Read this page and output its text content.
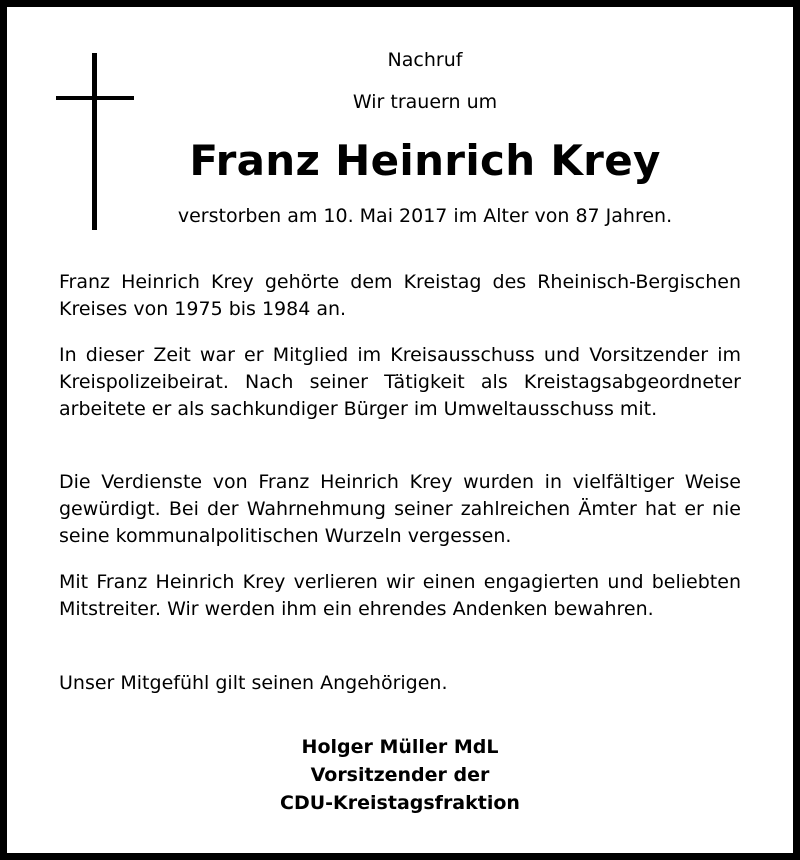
Nachruf
Wir trauern um
Franz Heinrich Krey
verstorben am 10. Mai 2017 im Alter von 87 Jahren.

Franz Heinrich Krey gehörte dem Kreistag des Rheinisch-Bergischen Kreises von 1975 bis 1984 an.

In dieser Zeit war er Mitglied im Kreisausschuss und Vorsitzender im Kreispolizeibeirat. Nach seiner Tätigkeit als Kreistagsabgeordneter arbeitete er als sachkundiger Bürger im Umweltausschuss mit.

Die Verdienste von Franz Heinrich Krey wurden in vielfältiger Weise gewürdigt. Bei der Wahrnehmung seiner zahlreichen Ämter hat er nie seine kommunalpolitischen Wurzeln vergessen.

Mit Franz Heinrich Krey verlieren wir einen engagierten und beliebten Mitstreiter. Wir werden ihm ein ehrendes Andenken bewahren.

Unser Mitgefühl gilt seinen Angehörigen.

Holger Müller MdL
Vorsitzender der
CDU-Kreistagsfraktion
